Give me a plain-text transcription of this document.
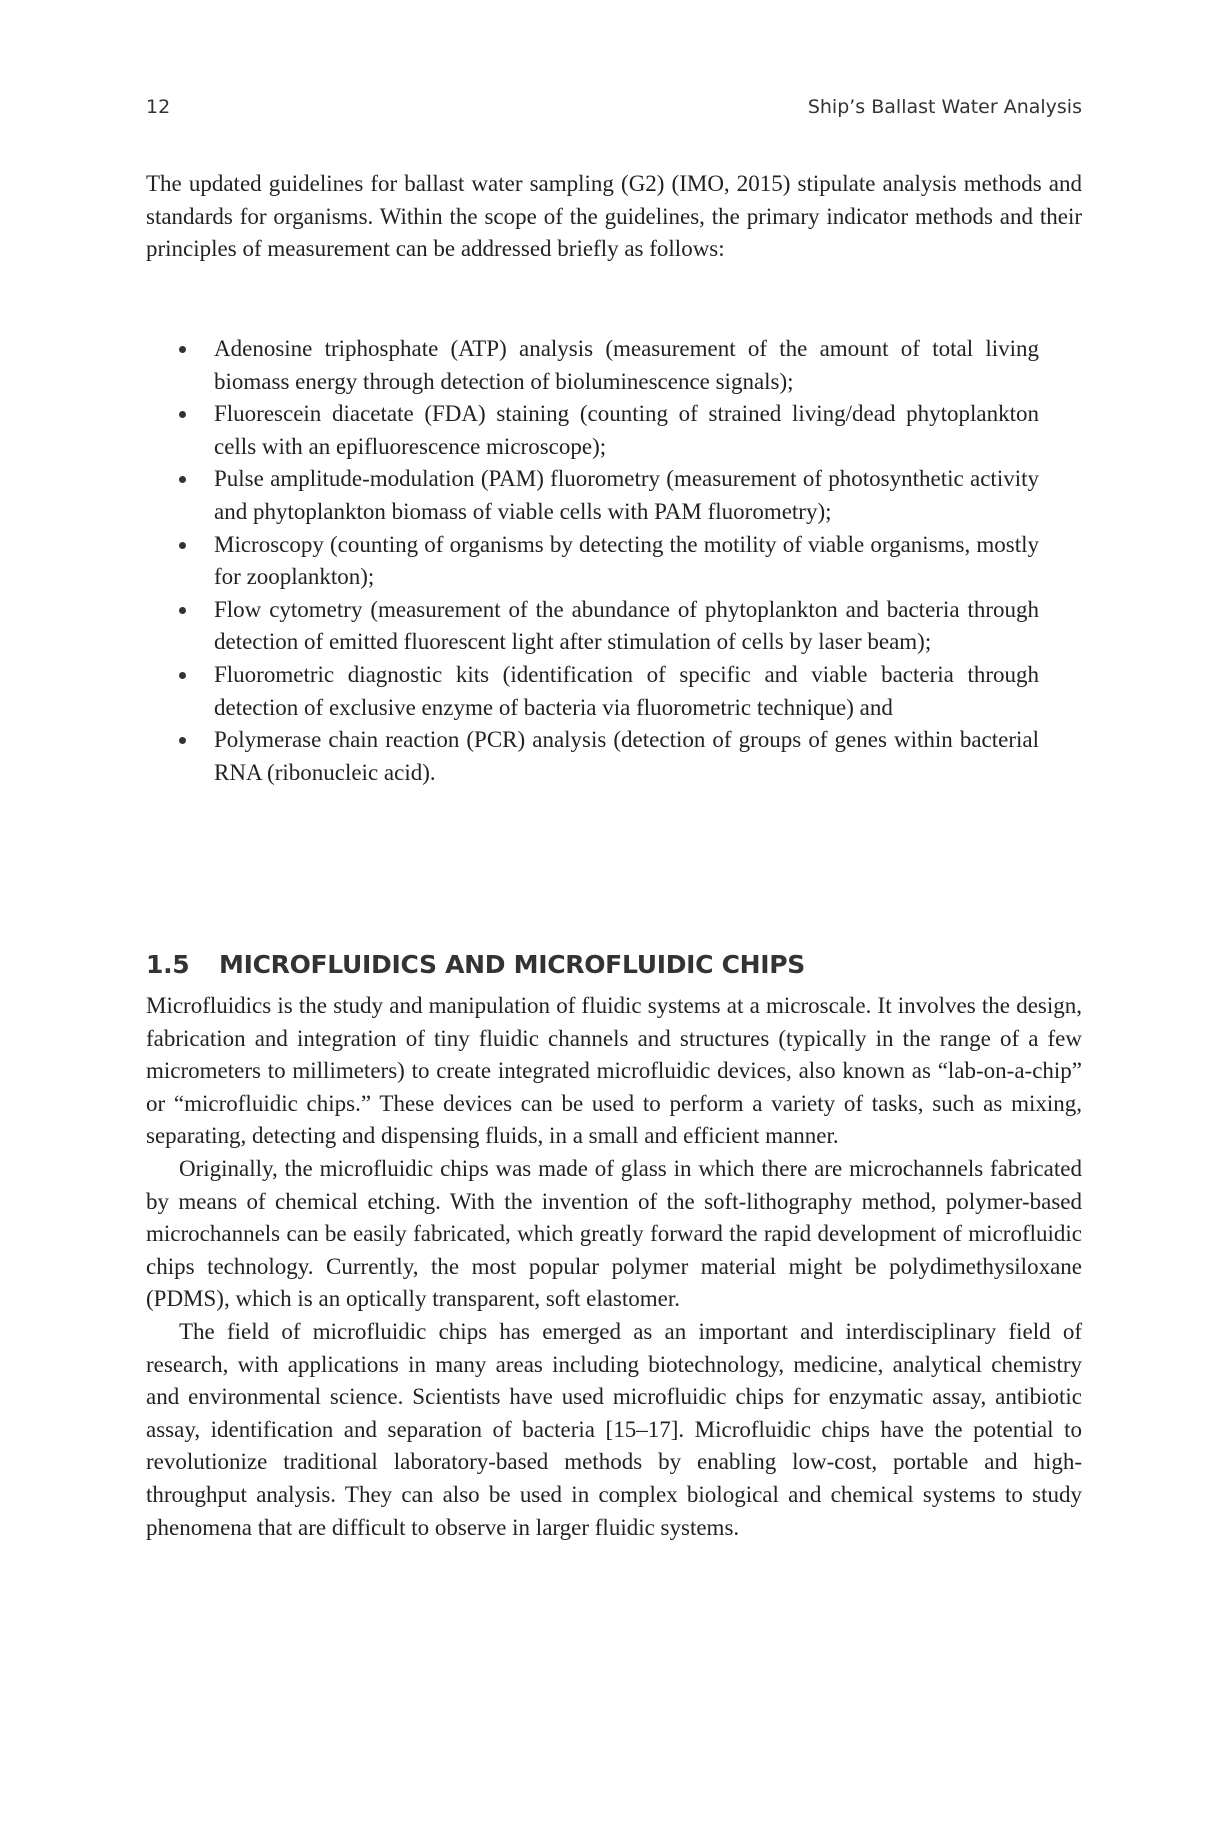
12	Ship’s Ballast Water Analysis

The updated guidelines for ballast water sampling (G2) (IMO, 2015) stipulate analysis methods and standards for organisms. Within the scope of the guidelines, the primary indicator methods and their principles of measurement can be addressed briefly as follows:

Adenosine triphosphate (ATP) analysis (measurement of the amount of total living biomass energy through detection of bioluminescence signals);
Fluorescein diacetate (FDA) staining (counting of strained living/dead phytoplankton cells with an epifluorescence microscope);
Pulse amplitude-modulation (PAM) fluorometry (measurement of photosynthetic activity and phytoplankton biomass of viable cells with PAM fluorometry);
Microscopy (counting of organisms by detecting the motility of viable organisms, mostly for zooplankton);
Flow cytometry (measurement of the abundance of phytoplankton and bacteria through detection of emitted fluorescent light after stimulation of cells by laser beam);
Fluorometric diagnostic kits (identification of specific and viable bacteria through detection of exclusive enzyme of bacteria via fluorometric technique) and
Polymerase chain reaction (PCR) analysis (detection of groups of genes within bacterial RNA (ribonucleic acid).
1.5 MICROFLUIDICS AND MICROFLUIDIC CHIPS

Microfluidics is the study and manipulation of fluidic systems at a microscale. It involves the design, fabrication and integration of tiny fluidic channels and structures (typically in the range of a few micrometers to millimeters) to create integrated microfluidic devices, also known as “lab-on-a-chip” or “microfluidic chips.” These devices can be used to perform a variety of tasks, such as mixing, separating, detecting and dispensing fluids, in a small and efficient manner.

Originally, the microfluidic chips was made of glass in which there are microchannels fabricated by means of chemical etching. With the invention of the soft-lithography method, polymer-based microchannels can be easily fabricated, which greatly forward the rapid development of microfluidic chips technology. Currently, the most popular polymer material might be polydimethysiloxane (PDMS), which is an optically transparent, soft elastomer.

The field of microfluidic chips has emerged as an important and interdisciplinary field of research, with applications in many areas including biotechnology, medicine, analytical chemistry and environmental science. Scientists have used microfluidic chips for enzymatic assay, antibiotic assay, identification and separation of bacteria [15–17]. Microfluidic chips have the potential to revolutionize traditional laboratory-based methods by enabling low-cost, portable and high-throughput analysis. They can also be used in complex biological and chemical systems to study phenomena that are difficult to observe in larger fluidic systems.
